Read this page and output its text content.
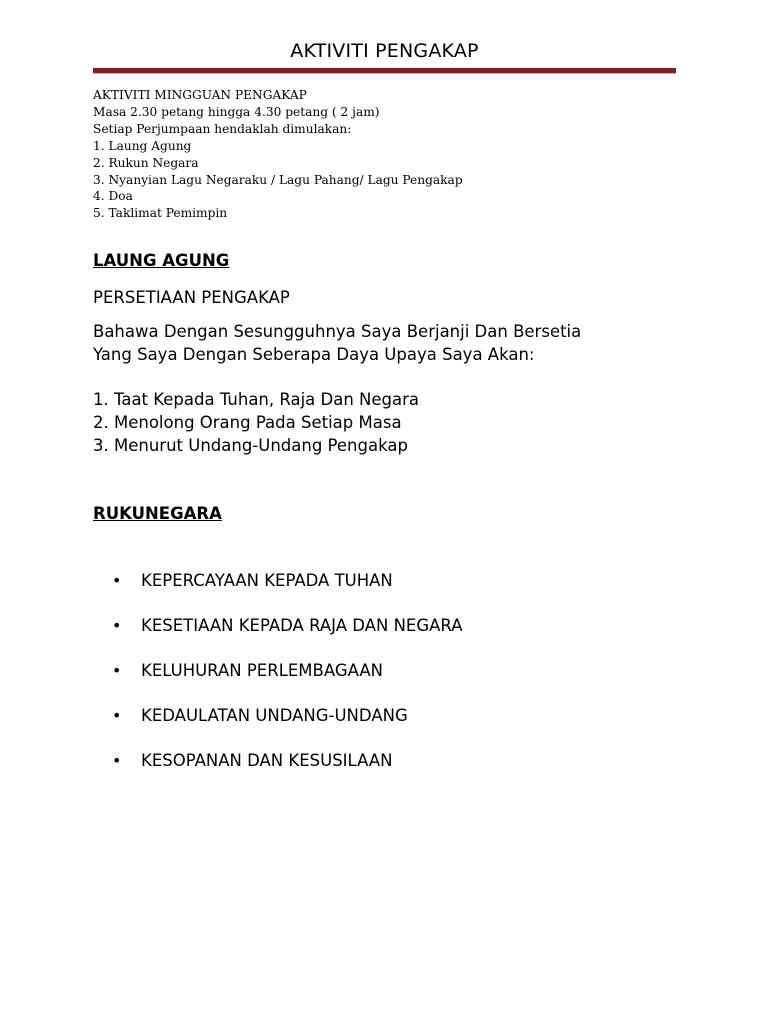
AKTIVITI PENGAKAP
AKTIVITI MINGGUAN PENGAKAP
Masa 2.30 petang hingga 4.30 petang ( 2 jam)
Setiap Perjumpaan hendaklah dimulakan:
1. Laung Agung
2. Rukun Negara
3. Nyanyian Lagu Negaraku / Lagu Pahang/ Lagu Pengakap
4. Doa
5. Taklimat Pemimpin
LAUNG AGUNG
PERSETIAAN PENGAKAP
Bahawa Dengan Sesungguhnya Saya Berjanji Dan Bersetia
Yang Saya Dengan Seberapa Daya Upaya Saya Akan:
1. Taat Kepada Tuhan, Raja Dan Negara
2. Menolong Orang Pada Setiap Masa
3. Menurut Undang-Undang Pengakap
RUKUNEGARA
•	KEPERCAYAAN KEPADA TUHAN
•	KESETIAAN KEPADA RAJA DAN NEGARA
•	KELUHURAN PERLEMBAGAAN
•	KEDAULATAN UNDANG-UNDANG
•	KESOPANAN DAN KESUSILAAN
